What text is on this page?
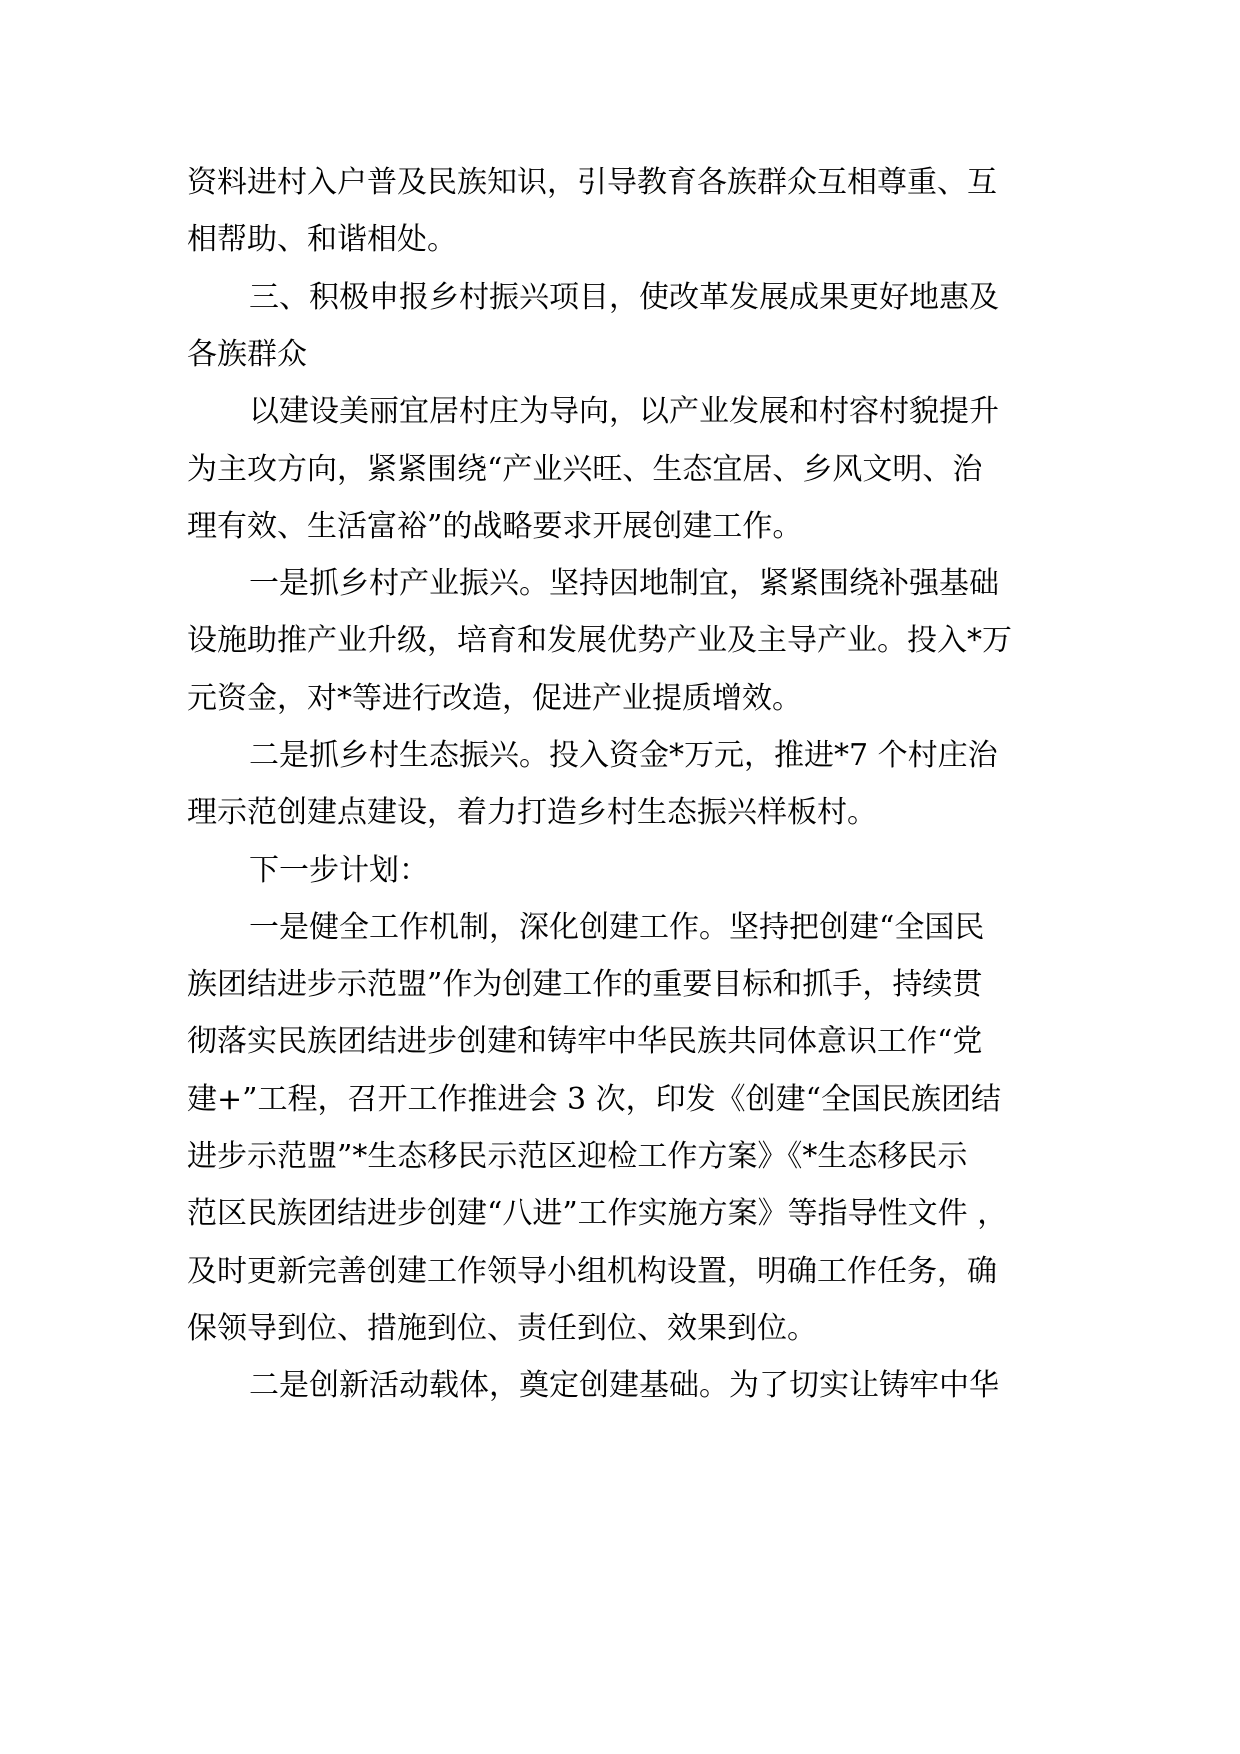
资料进村入户普及民族知识，引导教育各族群众互相尊重、互
相帮助、和谐相处。
三、积极申报乡村振兴项目，使改革发展成果更好地惠及
各族群众
以建设美丽宜居村庄为导向，以产业发展和村容村貌提升
为主攻方向，紧紧围绕“产业兴旺、生态宜居、乡风文明、治
理有效、生活富裕”的战略要求开展创建工作。
一是抓乡村产业振兴。坚持因地制宜，紧紧围绕补强基础
设施助推产业升级，培育和发展优势产业及主导产业。投入*万
元资金，对*等进行改造，促进产业提质增效。
二是抓乡村生态振兴。投入资金*万元，推进*7 个村庄治
理示范创建点建设，着力打造乡村生态振兴样板村。
下一步计划：
一是健全工作机制，深化创建工作。坚持把创建“全国民
族团结进步示范盟”作为创建工作的重要目标和抓手，持续贯
彻落实民族团结进步创建和铸牢中华民族共同体意识工作“党
建+”工程，召开工作推进会 3 次，印发《创建“全国民族团结
进步示范盟”*生态移民示范区迎检工作方案》《*生态移民示
范区民族团结进步创建“八进”工作实施方案》等指导性文件 ，
及时更新完善创建工作领导小组机构设置，明确工作任务，确
保领导到位、措施到位、责任到位、效果到位。
二是创新活动载体，奠定创建基础。为了切实让铸牢中华
